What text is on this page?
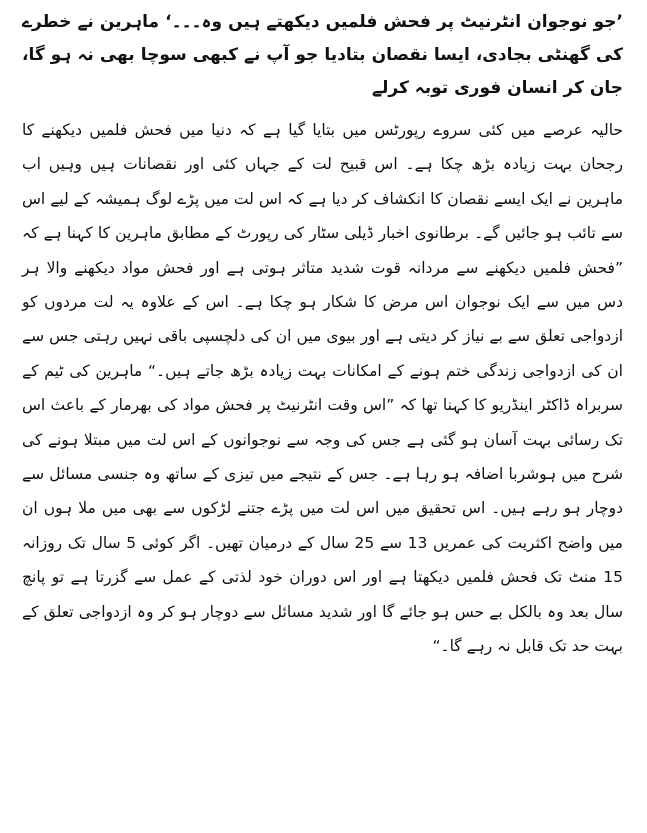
’جو نوجوان انٹرنیٹ پر فحش فلمیں دیکھتے ہیں وہ۔۔۔‘ ماہرین نے خطرے کی گھنٹی بجادی، ایسا نقصان بتادیا جو آپ نے کبھی سوچا بھی نہ ہو گا، جان کر انسان فوری توبہ کرلے

حالیہ عرصے میں کئی سروے رپورٹس میں بتایا گیا ہے کہ دنیا میں فحش فلمیں دیکھنے کا رجحان بہت زیادہ بڑھ چکا ہے۔ اس قبیح لت کے جہاں کئی اور نقصانات ہیں وہیں اب ماہرین نے ایک ایسے نقصان کا انکشاف کر دیا ہے کہ اس لت میں پڑے لوگ ہمیشہ کے لیے اس سے تائب ہو جائیں گے۔ برطانوی اخبار ڈیلی سٹار کی رپورٹ کے مطابق ماہرین کا کہنا ہے کہ ”فحش فلمیں دیکھنے سے مردانہ قوت شدید متاثر ہوتی ہے اور فحش مواد دیکھنے والا ہر دس میں سے ایک نوجوان اس مرض کا شکار ہو چکا ہے۔ اس کے علاوہ یہ لت مردوں کو ازدواجی تعلق سے بے نیاز کر دیتی ہے اور بیوی میں ان کی دلچسپی باقی نہیں رہتی جس سے ان کی ازدواجی زندگی ختم ہونے کے امکانات بہت زیادہ بڑھ جاتے ہیں۔“ ماہرین کی ٹیم کے سربراہ ڈاکٹر اینڈریو کا کہنا تھا کہ ”اس وقت انٹرنیٹ پر فحش مواد کی بھرمار کے باعث اس تک رسائی بہت آسان ہو گئی ہے جس کی وجہ سے نوجوانوں کے اس لت میں مبتلا ہونے کی شرح میں ہوشربا اضافہ ہو رہا ہے۔ جس کے نتیجے میں تیزی کے ساتھ وہ جنسی مسائل سے دوچار ہو رہے ہیں۔ اس تحقیق میں اس لت میں پڑے جتنے لڑکوں سے بھی میں ملا ہوں ان میں واضح اکثریت کی عمریں 13 سے 25 سال کے درمیان تھیں۔ اگر کوئی 5 سال تک روزانہ 15 منٹ تک فحش فلمیں دیکھتا ہے اور اس دوران خود لذتی کے عمل سے گزرتا ہے تو پانچ سال بعد وہ بالکل بے حس ہو جائے گا اور شدید مسائل سے دوچار ہو کر وہ ازدواجی تعلق کے بہت حد تک قابل نہ رہے گا۔“
